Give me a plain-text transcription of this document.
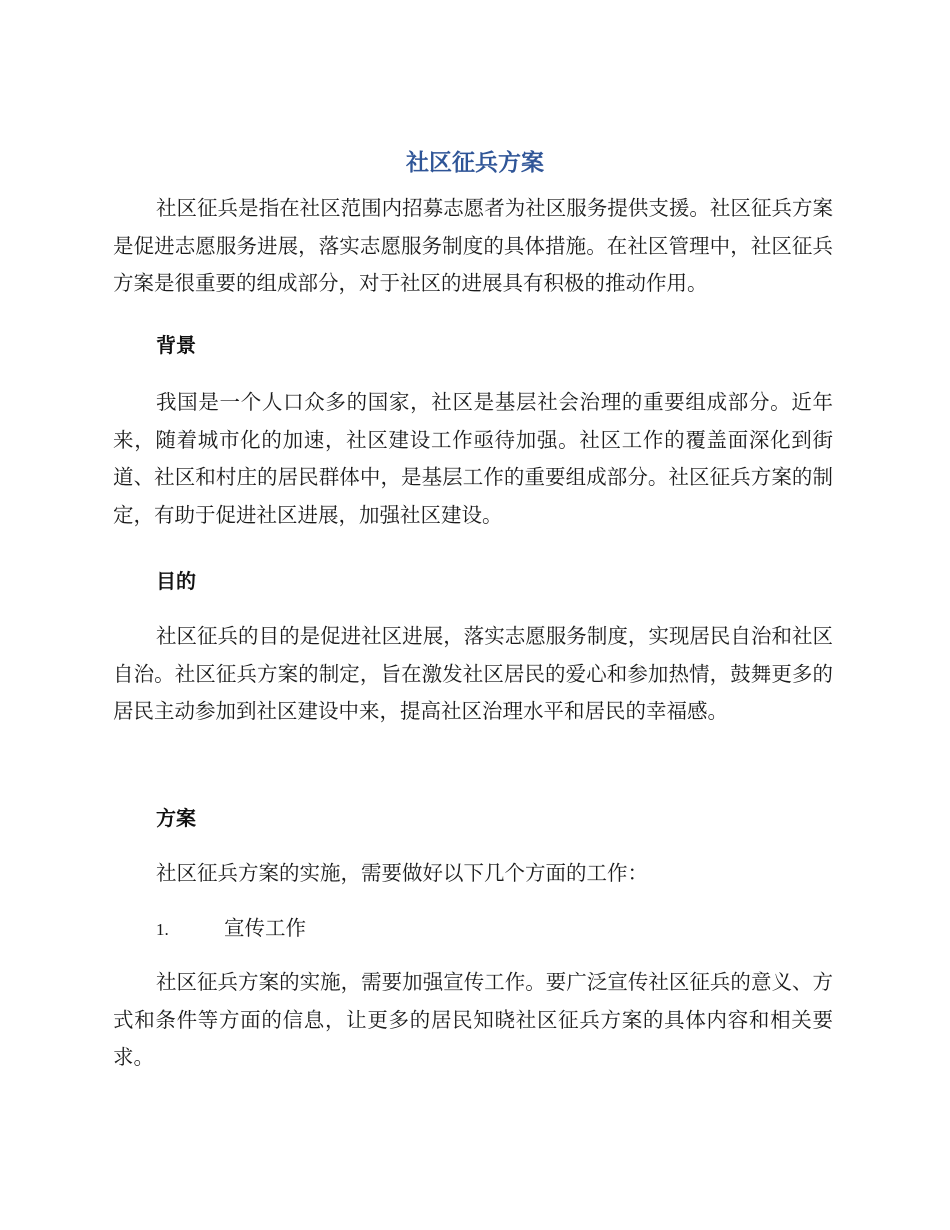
社区征兵方案

社区征兵是指在社区范围内招募志愿者为社区服务提供支援。社区征兵方案是促进志愿服务进展，落实志愿服务制度的具体措施。在社区管理中，社区征兵方案是很重要的组成部分，对于社区的进展具有积极的推动作用。

背景

我国是一个人口众多的国家，社区是基层社会治理的重要组成部分。近年来，随着城市化的加速，社区建设工作亟待加强。社区工作的覆盖面深化到街道、社区和村庄的居民群体中，是基层工作的重要组成部分。社区征兵方案的制定，有助于促进社区进展，加强社区建设。

目的

社区征兵的目的是促进社区进展，落实志愿服务制度，实现居民自治和社区自治。社区征兵方案的制定，旨在激发社区居民的爱心和参加热情，鼓舞更多的居民主动参加到社区建设中来，提高社区治理水平和居民的幸福感。

方案

社区征兵方案的实施，需要做好以下几个方面的工作：

1.	宣传工作

社区征兵方案的实施，需要加强宣传工作。要广泛宣传社区征兵的意义、方式和条件等方面的信息，让更多的居民知晓社区征兵方案的具体内容和相关要求。
